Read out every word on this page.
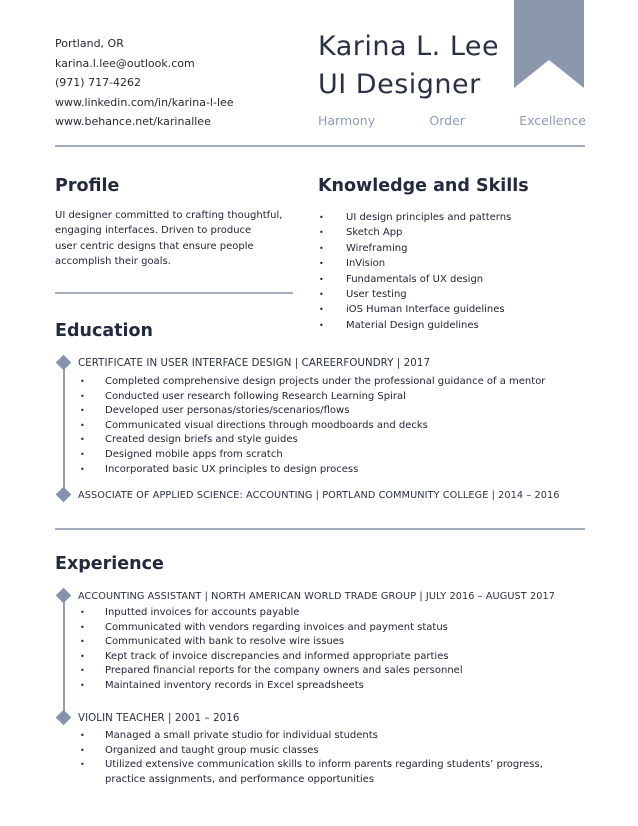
Portland, OR
karina.l.lee@outlook.com
(971) 717-4262
www.linkedin.com/in/karina-l-lee
www.behance.net/karinallee
Karina L. Lee
UI Designer
Harmony	Order	Excellence
Profile
UI designer committed to crafting thoughtful,
engaging interfaces. Driven to produce
user centric designs that ensure people
accomplish their goals.
Knowledge and Skills
• UI design principles and patterns
• Sketch App
• Wireframing
• InVision
• Fundamentals of UX design
• User testing
• iOS Human Interface guidelines
• Material Design guidelines
Education
CERTIFICATE IN USER INTERFACE DESIGN | CAREERFOUNDRY | 2017
• Completed comprehensive design projects under the professional guidance of a mentor
• Conducted user research following Research Learning Spiral
• Developed user personas/stories/scenarios/flows
• Communicated visual directions through moodboards and decks
• Created design briefs and style guides
• Designed mobile apps from scratch
• Incorporated basic UX principles to design process
ASSOCIATE OF APPLIED SCIENCE: ACCOUNTING | PORTLAND COMMUNITY COLLEGE | 2014 – 2016
Experience
ACCOUNTING ASSISTANT | NORTH AMERICAN WORLD TRADE GROUP | JULY 2016 – AUGUST 2017
• Inputted invoices for accounts payable
• Communicated with vendors regarding invoices and payment status
• Communicated with bank to resolve wire issues
• Kept track of invoice discrepancies and informed appropriate parties
• Prepared financial reports for the company owners and sales personnel
• Maintained inventory records in Excel spreadsheets
VIOLIN TEACHER | 2001 – 2016
• Managed a small private studio for individual students
• Organized and taught group music classes
• Utilized extensive communication skills to inform parents regarding students’ progress, practice assignments, and performance opportunities
